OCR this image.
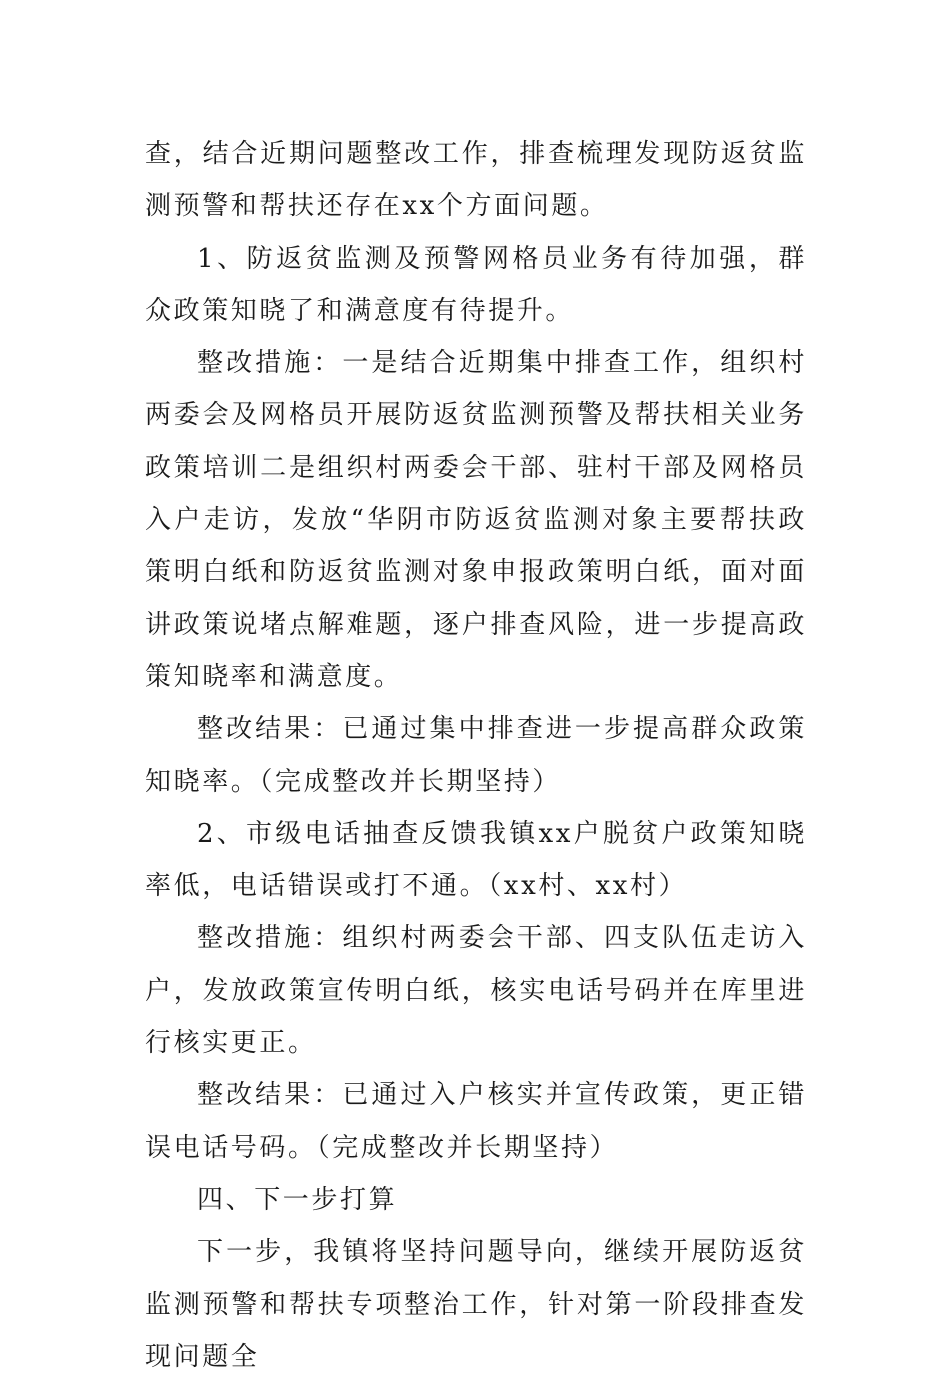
查，结合近期问题整改工作，排查梳理发现防返贫监测预警和帮扶还存在xx个方面问题。

1、防返贫监测及预警网格员业务有待加强，群众政策知晓了和满意度有待提升。

整改措施：一是结合近期集中排查工作，组织村两委会及网格员开展防返贫监测预警及帮扶相关业务政策培训二是组织村两委会干部、驻村干部及网格员入户走访，发放“华阴市防返贫监测对象主要帮扶政策明白纸和防返贫监测对象申报政策明白纸，面对面讲政策说堵点解难题，逐户排查风险，进一步提高政策知晓率和满意度。

整改结果：已通过集中排查进一步提高群众政策知晓率。（完成整改并长期坚持）

2、市级电话抽查反馈我镇xx户脱贫户政策知晓率低，电话错误或打不通。（xx村、xx村）

整改措施：组织村两委会干部、四支队伍走访入户，发放政策宣传明白纸，核实电话号码并在库里进行核实更正。

整改结果：已通过入户核实并宣传政策，更正错误电话号码。（完成整改并长期坚持）

四、下一步打算

下一步，我镇将坚持问题导向，继续开展防返贫监测预警和帮扶专项整治工作，针对第一阶段排查发现问题全
